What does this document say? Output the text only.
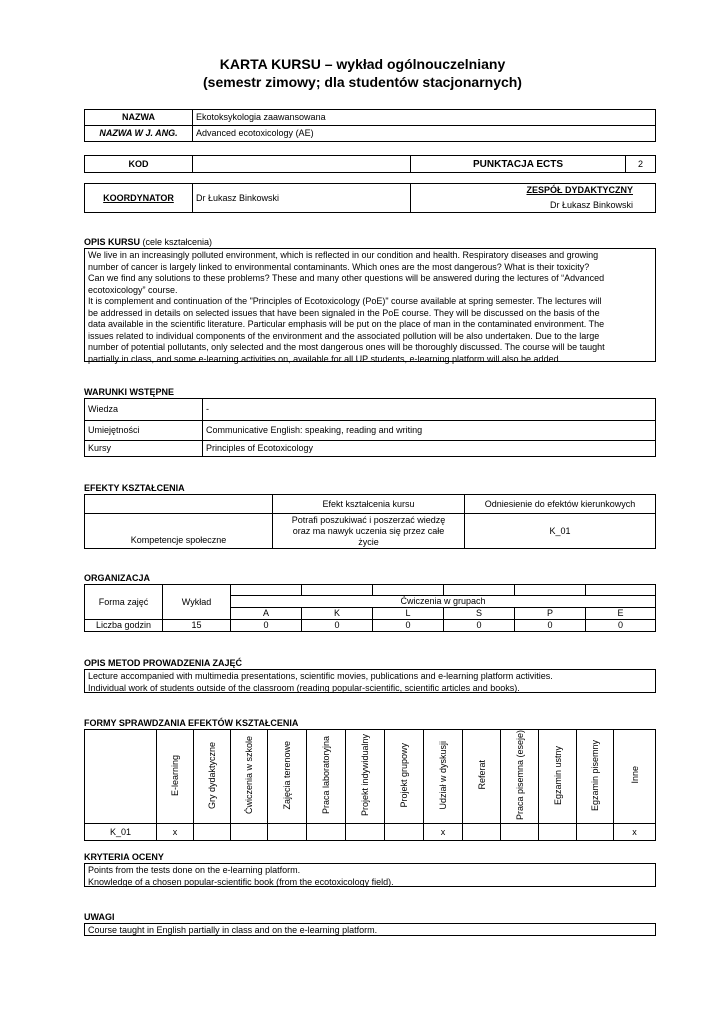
KARTA KURSU – wykład ogólnouczelniany
(semestr zimowy; dla studentów stacjonarnych)
NAZWA	Ekotoksykologia zaawansowana
NAZWA W J. ANG.	Advanced ecotoxicology (AE)
KOD		PUNKTACJA ECTS	2
KOORDYNATOR	Dr Łukasz Binkowski	
ZESPÓŁ DYDAKTYCZNY
Dr Łukasz Binkowski
OPIS KURSU (cele kształcenia)
We live in an increasingly polluted environment, which is reflected in our condition and health. Respiratory diseases and growing
number of cancer is largely linked to environmental contaminants. Which ones are the most dangerous? What is their toxicity?
Can we find any solutions to these problems? These and many other questions will be answered during the lectures of “Advanced
ecotoxicology” course.
It is complement and continuation of the "Principles of Ecotoxicology (PoE)" course available at spring semester. The lectures will
be addressed in details on selected issues that have been signaled in the PoE course. They will be discussed on the basis of the
data available in the scientific literature. Particular emphasis will be put on the place of man in the contaminated environment. The
issues related to individual components of the environment and the associated pollution will be also undertaken. Due to the large
number of potential pollutants, only selected and the most dangerous ones will be thoroughly discussed. The course will be taught
partially in class, and some e-learning activities on, available for all UP students, e-learning platform will also be added.
WARUNKI WSTĘPNE
Wiedza	-
Umiejętności	Communicative English: speaking, reading and writing
Kursy	Principles of Ecotoxicology
EFEKTY KSZTAŁCENIA
	Efekt kształcenia kursu	Odniesienie do efektów kierunkowych
Kompetencje społeczne	Potrafi poszukiwać i poszerzać wiedzę
oraz ma nawyk uczenia się przez całe
życie	K_01
ORGANIZACJA
Forma zajęć	Wykład						
		Ćwiczenia w grupach					
		A	K	L	S	P	E
Liczba godzin	15	0	0	0	0	0	0
OPIS METOD PROWADZENIA ZAJĘĆ
Lecture accompanied with multimedia presentations, scientific movies, publications and e-learning platform activities.
Individual work of students outside of the classroom (reading popular-scientific, scientific articles and books).
FORMY SPRAWDZANIA EFEKTÓW KSZTAŁCENIA
	E-learning	Gry dydaktyczne	Ćwiczenia w szkole	Zajęcia terenowe	Praca laboratoryjna	Projekt indywidualny	Projekt grupowy	Udział w dyskusji	Referat	Praca pisemna (eseje)	Egzamin ustny	Egzamin pisemny	Inne
K_01	x							x					x
KRYTERIA OCENY
Points from the tests done on the e-learning platform.
Knowledge of a chosen popular-scientific book (from the ecotoxicology field).
UWAGI
Course taught in English partially in class and on the e-learning platform.
